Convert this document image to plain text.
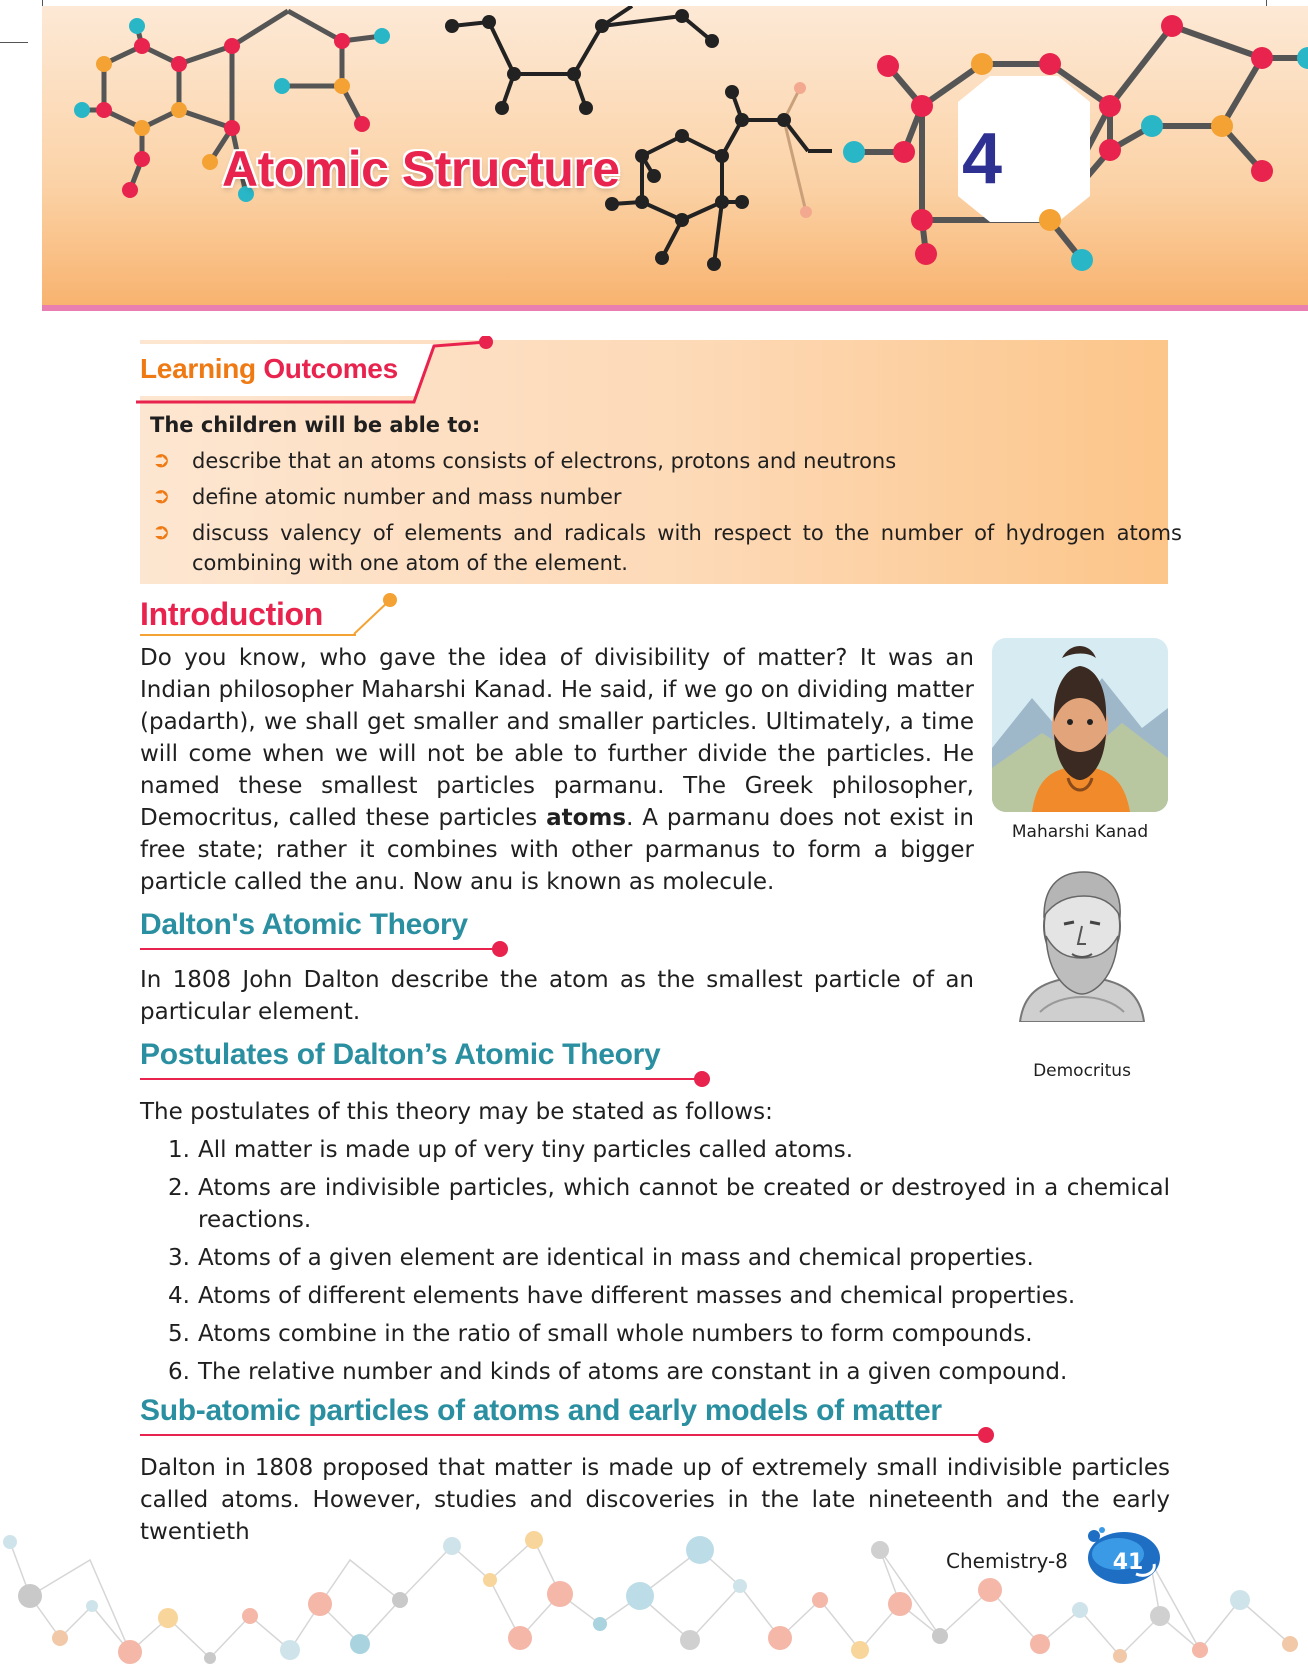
Atomic Structure	4
Learning Outcomes
The children will be able to:
➲	describe that an atoms consists of electrons, protons and neutrons
➲	define atomic number and mass number
➲	discuss valency of elements and radicals with respect to the number of hydrogen atoms combining with one atom of the element.
Introduction
Do you know, who gave the idea of divisibility of matter? It was an Indian philosopher Maharshi Kanad. He said, if we go on dividing matter (padarth), we shall get smaller and smaller particles. Ultimately, a time will come when we will not be able to further divide the particles. He named these smallest particles parmanu. The Greek philosopher, Democritus, called these particles atoms. A parmanu does not exist in free state; rather it combines with other parmanus to form a bigger particle called the anu. Now anu is known as molecule.
Maharshi Kanad
Democritus
Dalton's Atomic Theory
In 1808 John Dalton describe the atom as the smallest particle of an particular element.
Postulates of Dalton’s Atomic Theory
The postulates of this theory may be stated as follows:
1. All matter is made up of very tiny particles called atoms.
2. Atoms are indivisible particles, which cannot be created or destroyed in a chemical reactions.
3. Atoms of a given element are identical in mass and chemical properties.
4. Atoms of different elements have different masses and chemical properties.
5. Atoms combine in the ratio of small whole numbers to form compounds.
6. The relative number and kinds of atoms are constant in a given compound.
Sub-atomic particles of atoms and early models of matter
Dalton in 1808 proposed that matter is made up of extremely small indivisible particles called atoms. However, studies and discoveries in the late nineteenth and the early twentieth
Chemistry-8 41
